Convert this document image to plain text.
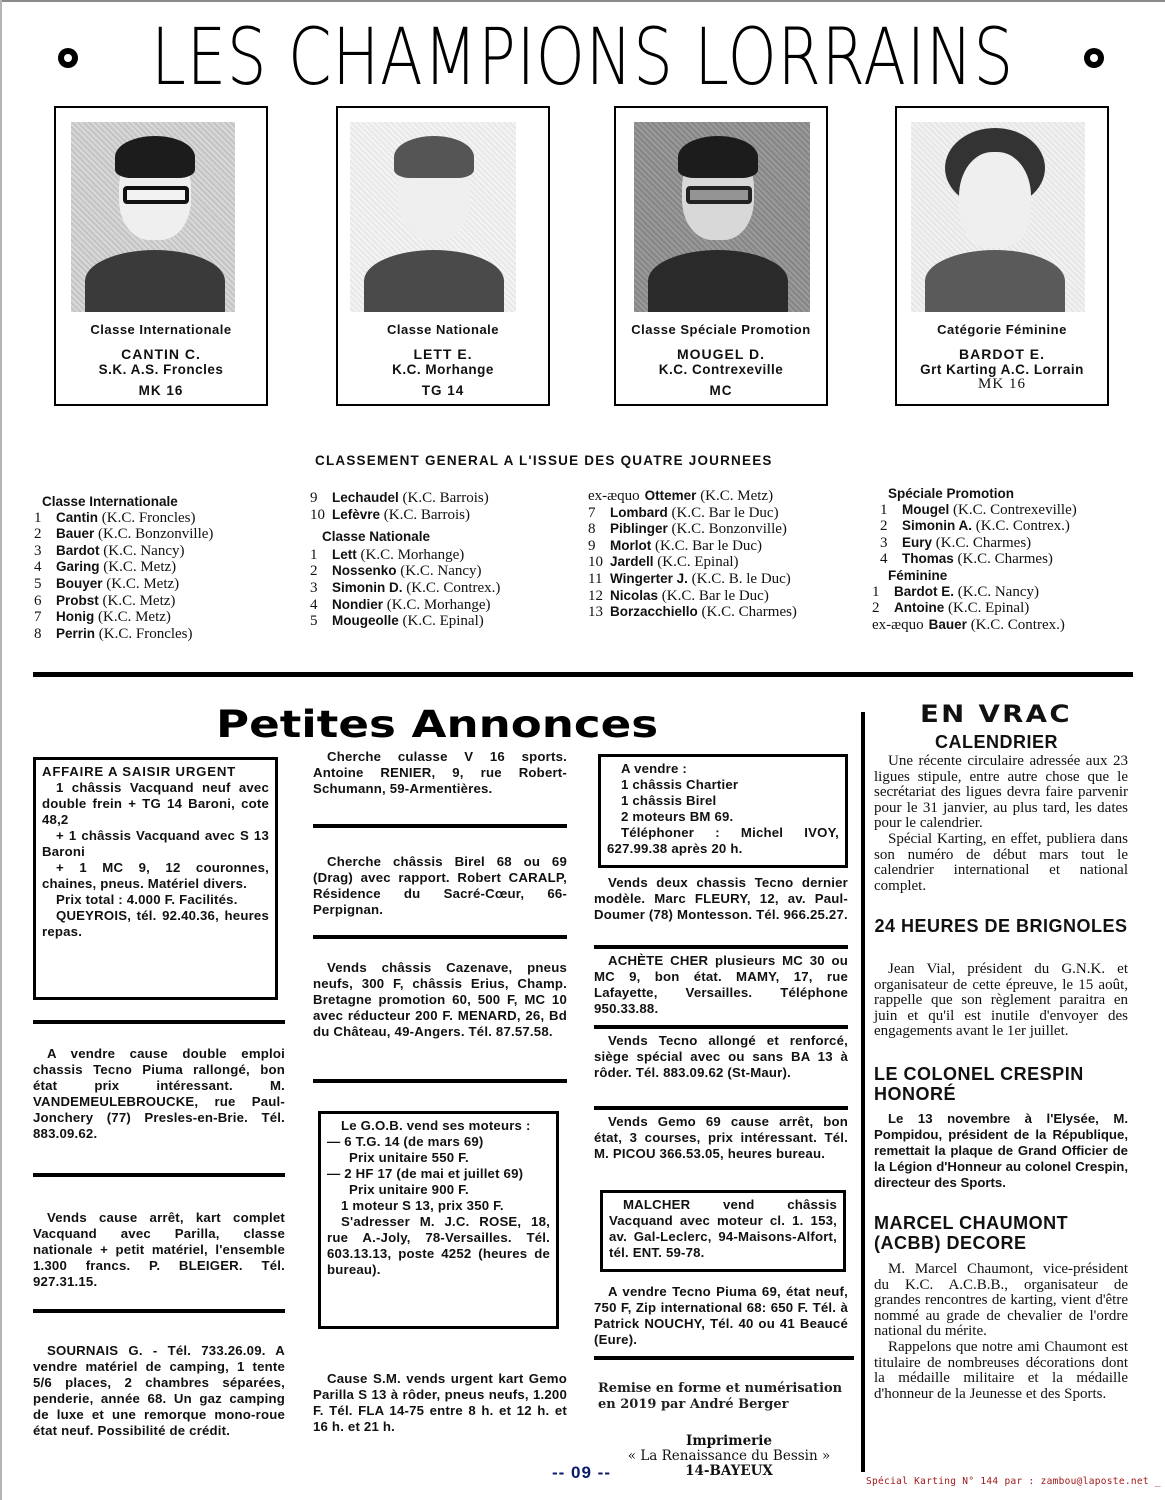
LES CHAMPIONS LORRAINS
Classe Internationale
CANTIN C.
S.K. A.S. Froncles
MK 16
Classe Nationale
LETT E.
K.C. Morhange
TG 14
Classe Spéciale Promotion
MOUGEL D.
K.C. Contrexeville
MC
Catégorie Féminine
BARDOT E.
Grt Karting A.C. Lorrain
MK 16
CLASSEMENT GENERAL A L'ISSUE DES QUATRE JOURNEES
Classe Internationale
1 Cantin (K.C. Froncles)
2 Bauer (K.C. Bonzonville)
3 Bardot (K.C. Nancy)
4 Garing (K.C. Metz)
5 Bouyer (K.C. Metz)
6 Probst (K.C. Metz)
7 Honig (K.C. Metz)
8 Perrin (K.C. Froncles)
9 Lechaudel (K.C. Barrois)
10 Lefèvre (K.C. Barrois)
Classe Nationale
1 Lett (K.C. Morhange)
2 Nossenko (K.C. Nancy)
3 Simonin D. (K.C. Contrex.)
4 Nondier (K.C. Morhange)
5 Mougeolle (K.C. Epinal)
ex-æquo Ottemer (K.C. Metz)
7 Lombard (K.C. Bar le Duc)
8 Piblinger (K.C. Bonzonville)
9 Morlot (K.C. Bar le Duc)
10 Jardell (K.C. Epinal)
11 Wingerter J. (K.C. B. le Duc)
12 Nicolas (K.C. Bar le Duc)
13 Borzacchiello (K.C. Charmes)
Spéciale Promotion
1 Mougel (K.C. Contrexeville)
2 Simonin A. (K.C. Contrex.)
3 Eury (K.C. Charmes)
4 Thomas (K.C. Charmes)
Féminine
1 Bardot E. (K.C. Nancy)
2 Antoine (K.C. Epinal)
ex-æquo Bauer (K.C. Contrex.)
Petites Annonces

AFFAIRE A SAISIR URGENT

1 châssis Vacquand neuf avec double frein + TG 14 Baroni, cote 48,2

+ 1 châssis Vacquand avec S 13 Baroni

+ 1 MC 9, 12 couronnes, chaines, pneus. Matériel divers.

Prix total : 4.000 F. Facilités.

QUEYROIS, tél. 92.40.36, heures repas.

A vendre cause double emploi chassis Tecno Piuma rallongé, bon état prix intéressant. M. VANDEMEULEBROUCKE, rue Paul-Jonchery (77) Presles-en-Brie. Tél. 883.09.62.

Vends cause arrêt, kart complet Vacquand avec Parilla, classe nationale + petit matériel, l'ensemble 1.300 francs. P. BLEIGER. Tél. 927.31.15.

SOURNAIS G. - Tél. 733.26.09. A vendre matériel de camping, 1 tente 5/6 places, 2 chambres séparées, penderie, année 68. Un gaz camping de luxe et une remorque mono-roue état neuf. Possibilité de crédit.

Cherche culasse V 16 sports. Antoine RENIER, 9, rue Robert-Schumann, 59-Armentières.

Cherche châssis Birel 68 ou 69 (Drag) avec rapport. Robert CARALP, Résidence du Sacré-Cœur, 66-Perpignan.

Vends châssis Cazenave, pneus neufs, 300 F, châssis Erius, Champ. Bretagne promotion 60, 500 F, MC 10 avec réducteur 200 F. MENARD, 26, Bd du Château, 49-Angers. Tél. 87.57.58.

Le G.O.B. vend ses moteurs :

— 6 T.G. 14 (de mars 69)

Prix unitaire 550 F.

— 2 HF 17 (de mai et juillet 69)

Prix unitaire 900 F.

1 moteur S 13, prix 350 F.

S'adresser M. J.C. ROSE, 18, rue A.-Joly, 78-Versailles. Tél. 603.13.13, poste 4252 (heures de bureau).

Cause S.M. vends urgent kart Gemo Parilla S 13 à rôder, pneus neufs, 1.200 F. Tél. FLA 14-75 entre 8 h. et 12 h. et 16 h. et 21 h.

A vendre :

1 châssis Chartier

1 châssis Birel

2 moteurs BM 69.

Téléphoner : Michel IVOY, 627.99.38 après 20 h.

Vends deux chassis Tecno dernier modèle. Marc FLEURY, 12, av. Paul-Doumer (78) Montesson. Tél. 966.25.27.

ACHÈTE CHER plusieurs MC 30 ou MC 9, bon état. MAMY, 17, rue Lafayette, Versailles. Téléphone 950.33.88.

Vends Tecno allongé et renforcé, siège spécial avec ou sans BA 13 à rôder. Tél. 883.09.62 (St-Maur).

Vends Gemo 69 cause arrêt, bon état, 3 courses, prix intéressant. Tél. M. PICOU 366.53.05, heures bureau.

MALCHER vend châssis Vacquand avec moteur cl. 1. 153, av. Gal-Leclerc, 94-Maisons-Alfort, tél. ENT. 59-78.

A vendre Tecno Piuma 69, état neuf, 750 F, Zip international 68: 650 F. Tél. à Patrick NOUCHY, Tél. 40 ou 41 Beaucé (Eure).

Remise en forme et numérisation en 2019 par André Berger
Imprimerie
« La Renaissance du Bessin »
14-BAYEUX
EN VRAC
CALENDRIER

Une récente circulaire adressée aux 23 ligues stipule, entre autre chose que le secrétariat des ligues devra faire parvenir pour le 31 janvier, au plus tard, les dates pour le calendrier.

Spécial Karting, en effet, publiera dans son numéro de début mars tout le calendrier international et national complet.

24 HEURES DE BRIGNOLES

Jean Vial, président du G.N.K. et organisateur de cette épreuve, le 15 août, rappelle que son règlement paraitra en juin et qu'il est inutile d'envoyer des engagements avant le 1er juillet.

LE COLONEL CRESPIN HONORÉ

Le 13 novembre à l'Elysée, M. Pompidou, président de la République, remettait la plaque de Grand Officier de la Légion d'Honneur au colonel Crespin, directeur des Sports.

MARCEL CHAUMONT (ACBB) DECORE

M. Marcel Chaumont, vice-président du K.C. A.C.B.B., organisateur de grandes rencontres de karting, vient d'être nommé au grade de chevalier de l'ordre national du mérite.

Rappelons que notre ami Chaumont est titulaire de nombreuses décorations dont la médaille militaire et la médaille d'honneur de la Jeunesse et des Sports.

-- 09 --	Spécial Karting N° 144 par : zambou@laposte.net _
